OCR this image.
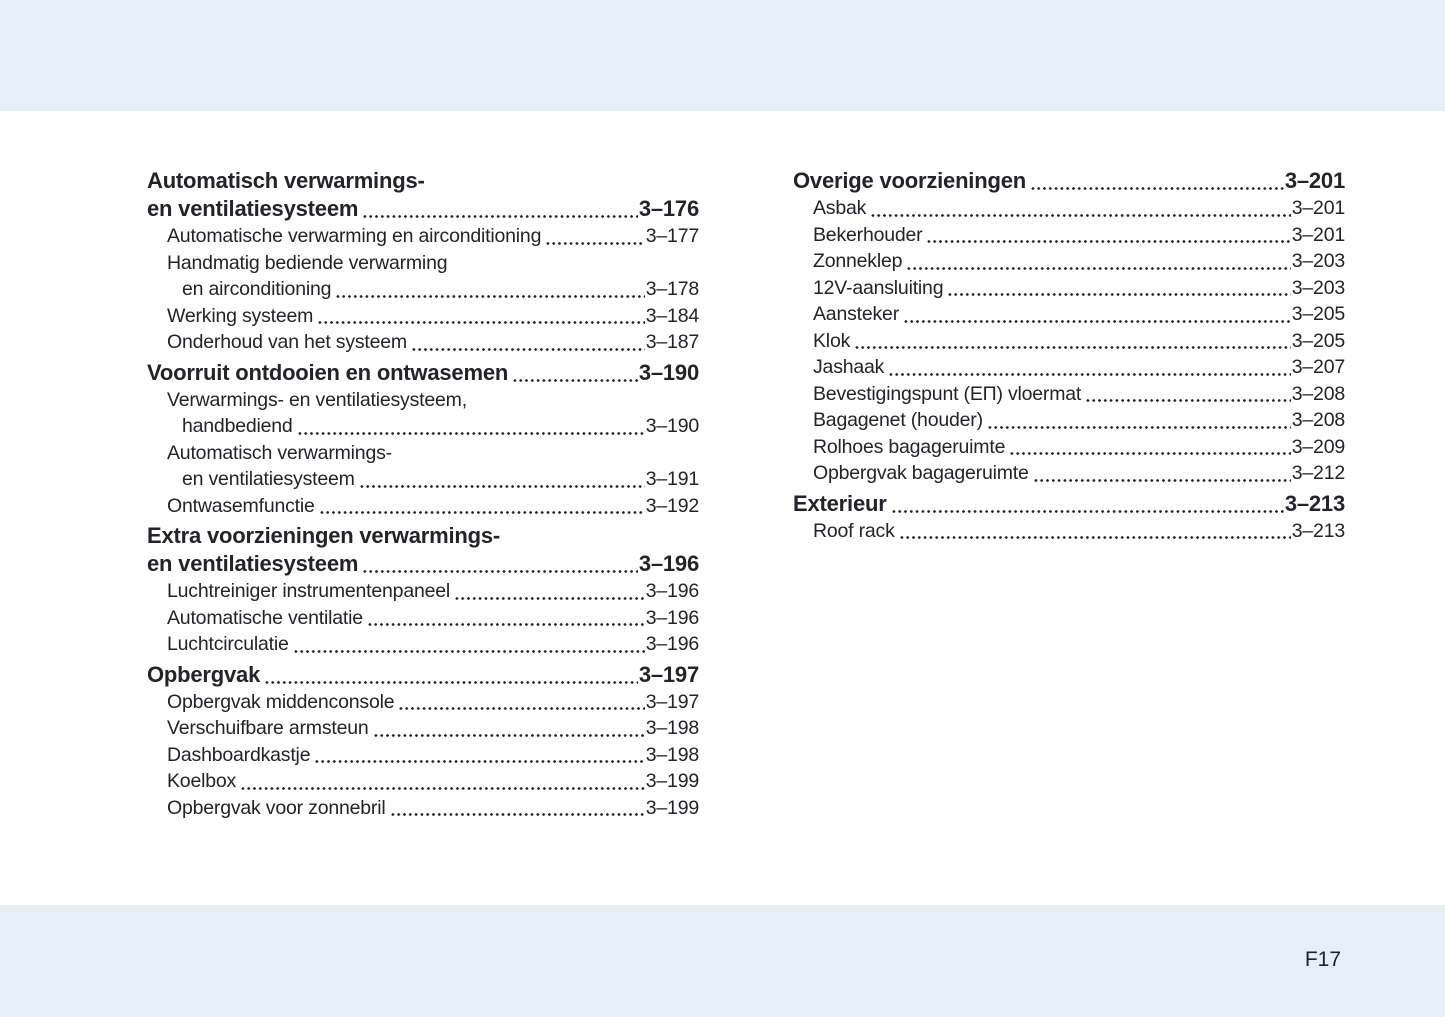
Automatisch verwarmings-
en ventilatiesysteem	3–176
Automatische verwarming en airconditioning	3–177
Handmatig bediende verwarming
en airconditioning	3–178
Werking systeem	3–184
Onderhoud van het systeem	3–187
Voorruit ontdooien en ontwasemen	3–190
Verwarmings- en ventilatiesysteem,
handbediend	3–190
Automatisch verwarmings-
en ventilatiesysteem	3–191
Ontwasemfunctie	3–192
Extra voorzieningen verwarmings-
en ventilatiesysteem	3–196
Luchtreiniger instrumentenpaneel	3–196
Automatische ventilatie	3–196
Luchtcirculatie	3–196
Opbergvak	3–197
Opbergvak middenconsole	3–197
Verschuifbare armsteun	3–198
Dashboardkastje	3–198
Koelbox	3–199
Opbergvak voor zonnebril	3–199
Overige voorzieningen	3–201
Asbak	3–201
Bekerhouder	3–201
Zonneklep	3–203
12V-aansluiting	3–203
Aansteker	3–205
Klok	3–205
Jashaak	3–207
Bevestigingspunt (EП) vloermat	3–208
Bagagenet (houder)	3–208
Rolhoes bagageruimte	3–209
Opbergvak bagageruimte	3–212
Exterieur	3–213
Roof rack	3–213
F17
